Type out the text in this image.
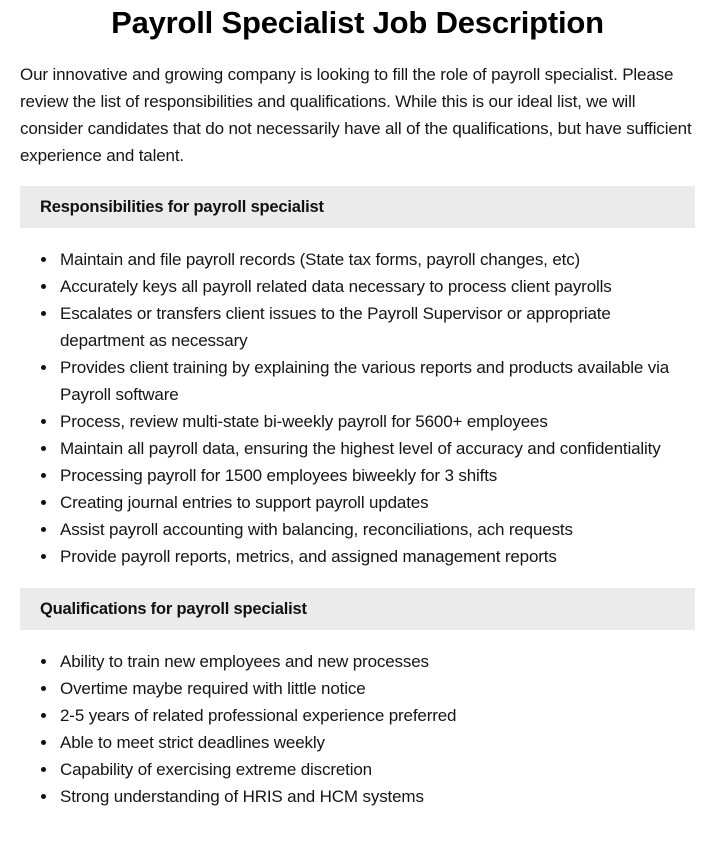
Payroll Specialist Job Description

Our innovative and growing company is looking to fill the role of payroll specialist. Please review the list of responsibilities and qualifications. While this is our ideal list, we will consider candidates that do not necessarily have all of the qualifications, but have sufficient experience and talent.

Responsibilities for payroll specialist
Maintain and file payroll records (State tax forms, payroll changes, etc)
Accurately keys all payroll related data necessary to process client payrolls
Escalates or transfers client issues to the Payroll Supervisor or appropriate department as necessary
Provides client training by explaining the various reports and products available via Payroll software
Process, review multi-state bi-weekly payroll for 5600+ employees
Maintain all payroll data, ensuring the highest level of accuracy and confidentiality
Processing payroll for 1500 employees biweekly for 3 shifts
Creating journal entries to support payroll updates
Assist payroll accounting with balancing, reconciliations, ach requests
Provide payroll reports, metrics, and assigned management reports
Qualifications for payroll specialist
Ability to train new employees and new processes
Overtime maybe required with little notice
2-5 years of related professional experience preferred
Able to meet strict deadlines weekly
Capability of exercising extreme discretion
Strong understanding of HRIS and HCM systems
